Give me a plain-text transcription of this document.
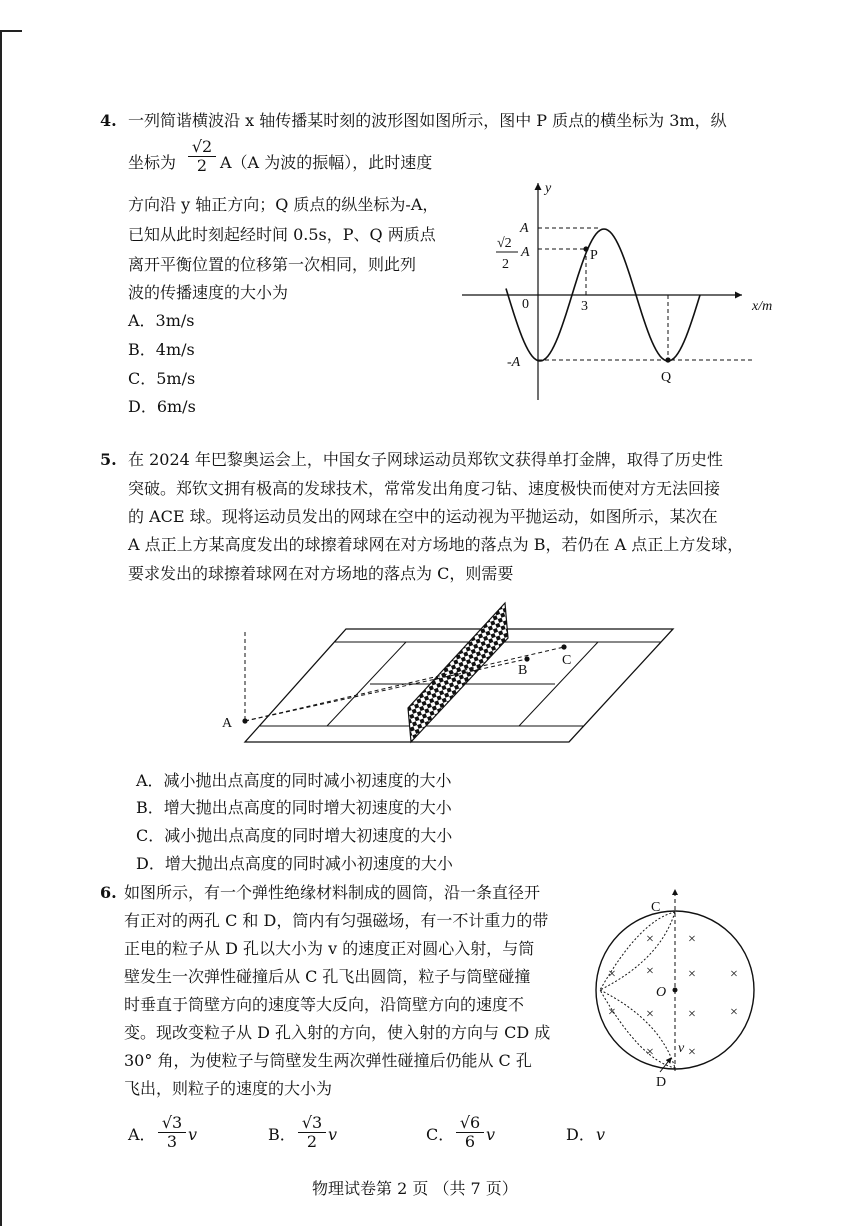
4. 一列简谐横波沿 x 轴传播某时刻的波形图如图所示，图中 P 质点的横坐标为 3m，纵
坐标为 $\frac{√2}{2} A(A$ 为波的振幅），此时速度
方向沿 y 轴正方向；Q 质点的纵坐标为-A，
已知从此时刻起经时间 0.5s，P、Q 两质点
离开平衡位置的位移第一次相同，则此列
波的传播速度的大小为
A．3m/s
B．4m/s
C．5m/s
D．6m/s
y
x/m
A
√2
2
A
-A
0	3
P
Q
5. 在 2024 年巴黎奥运会上，中国女子网球运动员郑钦文获得单打金牌，取得了历史性
突破。郑钦文拥有极高的发球技术，常常发出角度刁钻、速度极快而使对方无法回接
的 ACE 球。现将运动员发出的网球在空中的运动视为平抛运动，如图所示，某次在
A 点正上方某高度发出的球擦着球网在对方场地的落点为 B，若仍在 A 点正上方发球，
要求发出的球擦着球网在对方场地的落点为 C，则需要
A
B
C
A．减小抛出点高度的同时减小初速度的大小
B．增大抛出点高度的同时增大初速度的大小
C．减小抛出点高度的同时增大初速度的大小
D．增大抛出点高度的同时减小初速度的大小
6. 如图所示，有一个弹性绝缘材料制成的圆筒，沿一条直径开
有正对的两孔 C 和 D，筒内有匀强磁场，有一不计重力的带
正电的粒子从 D 孔以大小为 v 的速度正对圆心入射，与筒
壁发生一次弹性碰撞后从 C 孔飞出圆筒，粒子与筒壁碰撞
时垂直于筒壁方向的速度等大反向，沿筒壁方向的速度不
变。现改变粒子从 D 孔入射的方向，使入射的方向与 CD 成
30° 角，为使粒子与筒壁发生两次弹性碰撞后仍能从 C 孔
飞出，则粒子的速度的大小为
× ×
× × × ×
× × × ×
× ×
C
D
O
v
A． $\frac{√3}{3}$ v	B． $\frac{√3}{2}$ v	C． $\frac{√6}{6}$ v	D． v
物理试卷第 2 页 （共 7 页）
